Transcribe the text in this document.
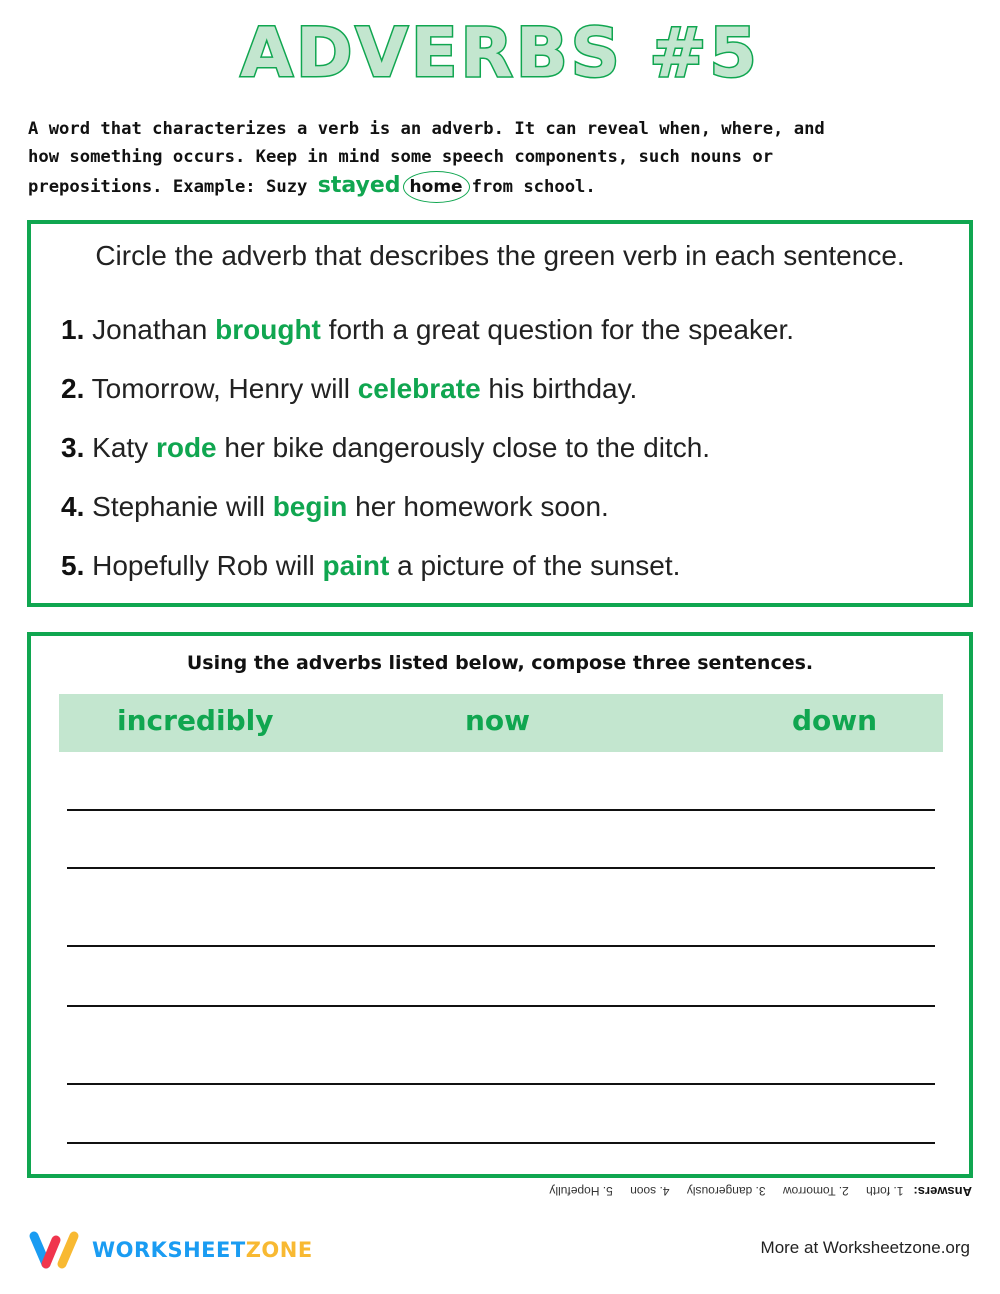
ADVERBS #5
A word that characterizes a verb is an adverb. It can reveal when, where, and
how something occurs. Keep in mind some speech components, such nouns or
prepositions. Example: Suzy stayed home from school.
Circle the adverb that describes the green verb in each sentence.
1. Jonathan brought forth a great question for the speaker.
2. Tomorrow, Henry will celebrate his birthday.
3. Katy rode her bike dangerously close to the ditch.
4. Stephanie will begin her homework soon.
5. Hopefully Rob will paint a picture of the sunset.
Using the adverbs listed below, compose three sentences.
incredibly	now	down
Answers:   1. forth 2. Tomorrow 3. dangerously 4. soon 5. Hopefully
WORKSHEETZONE	More at Worksheetzone.org
